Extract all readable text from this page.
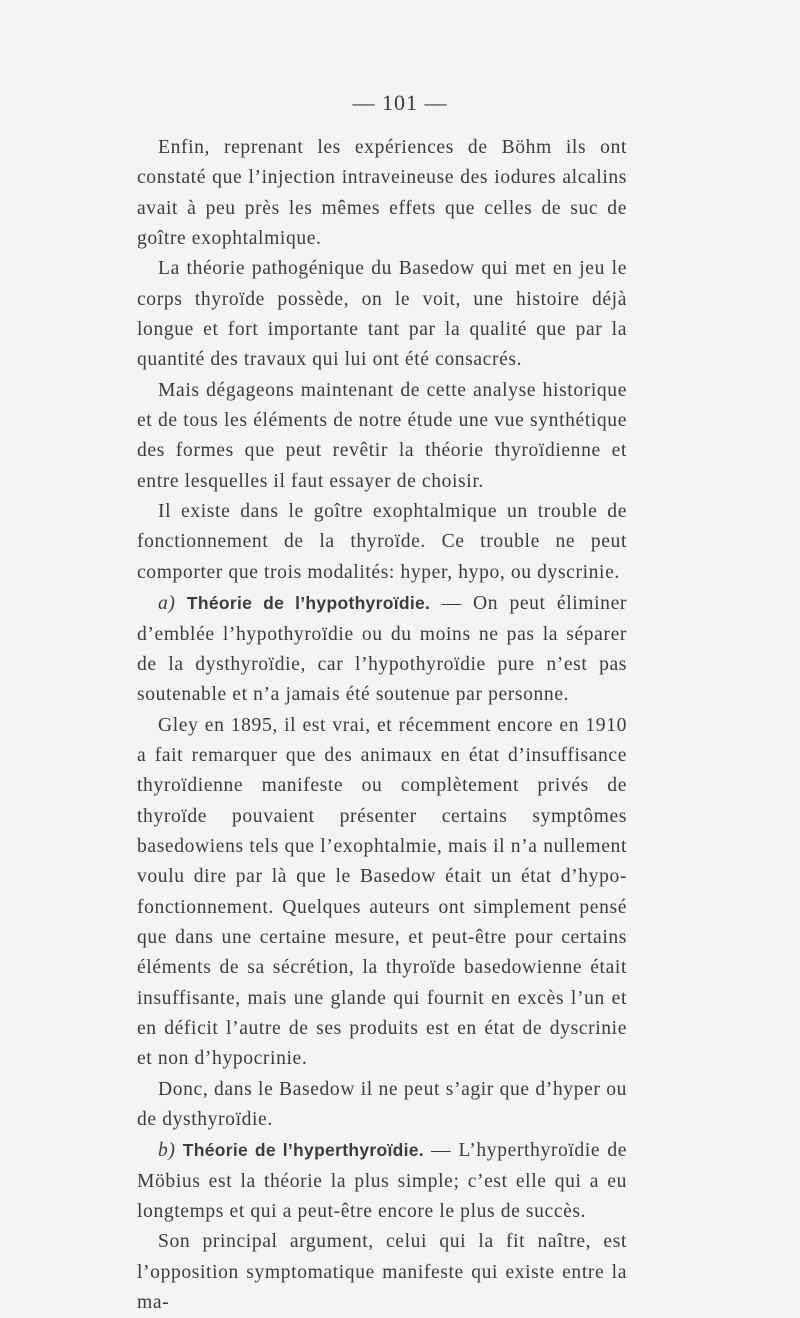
— 101 —

Enfin, reprenant les expériences de Böhm ils ont constaté que l’injection intraveineuse des iodures alcalins avait à peu près les mêmes effets que celles de suc de goître exophtalmique.

La théorie pathogénique du Basedow qui met en jeu le corps thyroïde possède, on le voit, une histoire déjà longue et fort importante tant par la qualité que par la quantité des travaux qui lui ont été consacrés.

Mais dégageons maintenant de cette analyse historique et de tous les éléments de notre étude une vue synthétique des formes que peut revêtir la théorie thyroïdienne et entre lesquelles il faut essayer de choisir.

Il existe dans le goître exophtalmique un trouble de fonctionnement de la thyroïde. Ce trouble ne peut comporter que trois modalités: hyper, hypo, ou dyscrinie.

a) Théorie de l’hypothyroïdie. — On peut éliminer d’emblée l’hypothyroïdie ou du moins ne pas la séparer de la dysthyroïdie, car l’hypothyroïdie pure n’est pas soutenable et n’a jamais été soutenue par personne.

Gley en 1895, il est vrai, et récemment encore en 1910 a fait remarquer que des animaux en état d’insuffisance thyroïdienne manifeste ou complètement privés de thyroïde pouvaient présenter certains symptômes basedowiens tels que l’exophtalmie, mais il n’a nullement voulu dire par là que le Basedow était un état d’hypo-fonctionnement. Quelques auteurs ont simplement pensé que dans une certaine mesure, et peut-être pour certains éléments de sa sécrétion, la thyroïde basedowienne était insuffisante, mais une glande qui fournit en excès l’un et en déficit l’autre de ses produits est en état de dyscrinie et non d’hypocrinie.

Donc, dans le Basedow il ne peut s’agir que d’hyper ou de dysthyroïdie.

b) Théorie de l’hyperthyroïdie. — L’hyperthyroïdie de Möbius est la théorie la plus simple; c’est elle qui a eu longtemps et qui a peut-être encore le plus de succès.

Son principal argument, celui qui la fit naître, est l’opposition symptomatique manifeste qui existe entre la ma-
